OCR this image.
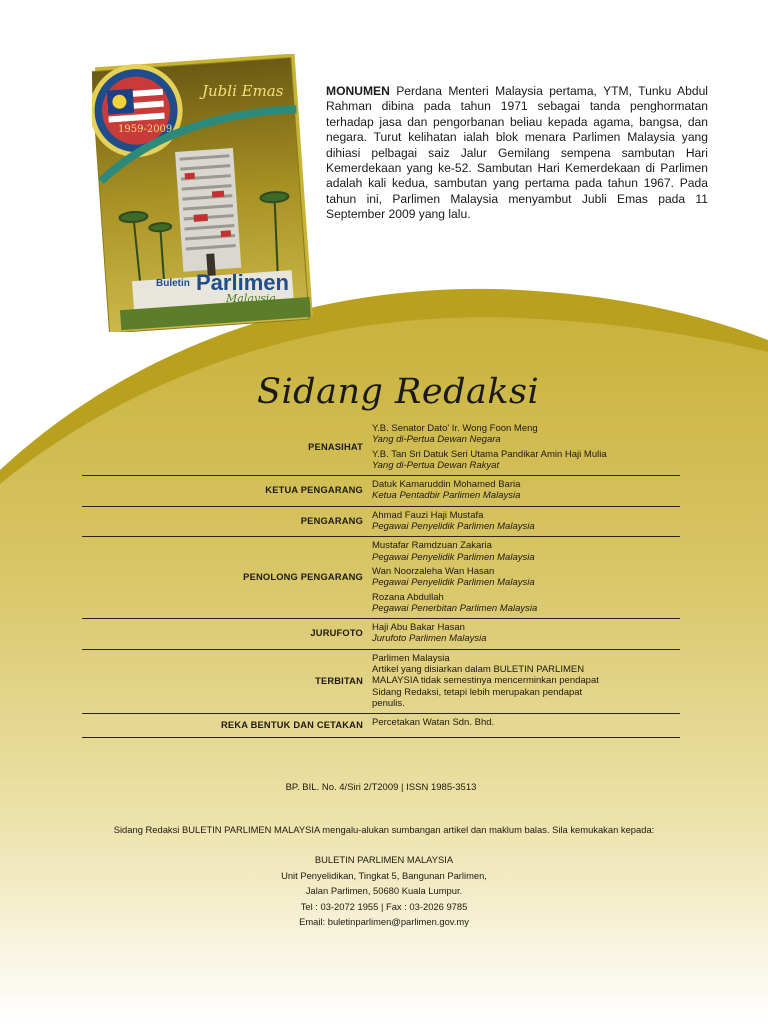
Jubli Emas
1959-2009
Buletin Parlimen
Malaysia
MONUMEN Perdana Menteri Malaysia pertama, YTM, Tunku Abdul Rahman dibina pada tahun 1971 sebagai tanda penghormatan terhadap jasa dan pengorbanan beliau kepada agama, bangsa, dan negara. Turut kelihatan ialah blok menara Parlimen Malaysia yang dihiasi pelbagai saiz Jalur Gemilang sempena sambutan Hari Kemerdekaan yang ke-52. Sambutan Hari Kemerdekaan di Parlimen adalah kali kedua, sambutan yang pertama pada tahun 1967. Pada tahun ini, Parlimen Malaysia menyambut Jubli Emas pada 11 September 2009 yang lalu.
Sidang Redaksi
PENASIHAT
Y.B. Senator Dato' Ir. Wong Foon Meng
Yang di-Pertua Dewan Negara
Y.B. Tan Sri Datuk Seri Utama Pandikar Amin Haji Mulia
Yang di-Pertua Dewan Rakyat
KETUA PENGARANG
Datuk Kamaruddin Mohamed Baria
Ketua Pentadbir Parlimen Malaysia
PENGARANG
Ahmad Fauzi Haji Mustafa
Pegawai Penyelidik Parlimen Malaysia
PENOLONG PENGARANG
Mustafar Ramdzuan Zakaria
Pegawai Penyelidik Parlimen Malaysia
Wan Noorzaleha Wan Hasan
Pegawai Penyelidik Parlimen Malaysia
Rozana Abdullah
Pegawai Penerbitan Parlimen Malaysia
JURUFOTO
Haji Abu Bakar Hasan
Jurufoto Parlimen Malaysia
TERBITAN
Parlimen Malaysia
Artikel yang disiarkan dalam BULETIN PARLIMEN MALAYSIA tidak semestinya mencerminkan pendapat Sidang Redaksi, tetapi lebih merupakan pendapat penulis.
REKA BENTUK DAN CETAKAN Percetakan Watan Sdn. Bhd.
BP. BIL. No. 4/Siri 2/T2009 | ISSN 1985-3513
Sidang Redaksi BULETIN PARLIMEN MALAYSIA mengalu-alukan sumbangan artikel dan maklum balas. Sila kemukakan kepada:
BULETIN PARLIMEN MALAYSIA
Unit Penyelidikan, Tingkat 5, Bangunan Parlimen,
Jalan Parlimen, 50680 Kuala Lumpur.
Tel : 03-2072 1955 | Fax : 03-2026 9785
Email: buletinparlimen@parlimen.gov.my
